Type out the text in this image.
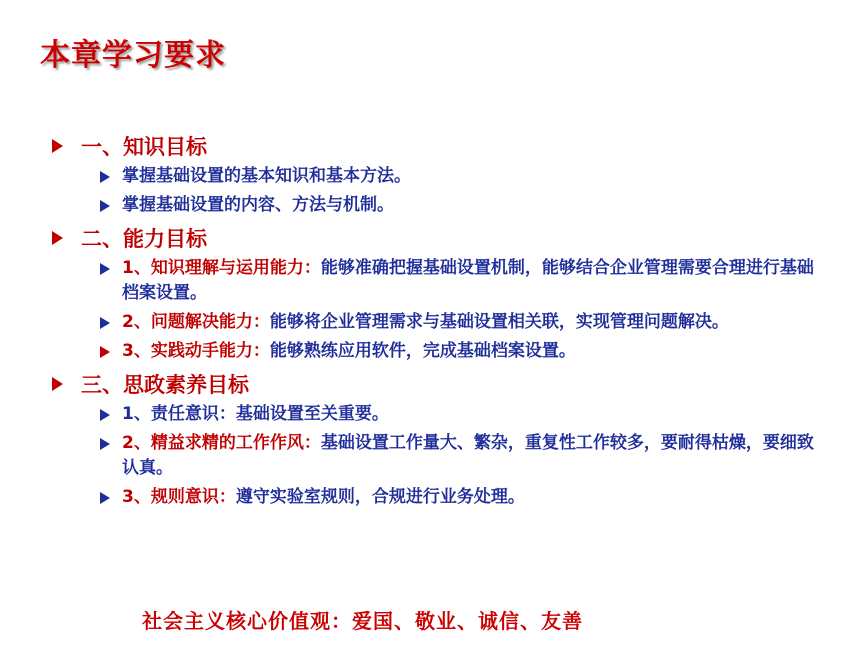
本章学习要求
一、知识目标
掌握基础设置的基本知识和基本方法。
掌握基础设置的内容、方法与机制。
二、能力目标
1、知识理解与运用能力：能够准确把握基础设置机制，能够结合企业管理需要合理进行基础档案设置。
2、问题解决能力：能够将企业管理需求与基础设置相关联，实现管理问题解决。
3、实践动手能力：能够熟练应用软件，完成基础档案设置。
三、思政素养目标
1、责任意识：基础设置至关重要。
2、精益求精的工作作风：基础设置工作量大、繁杂，重复性工作较多，要耐得枯燥，要细致认真。
3、规则意识：遵守实验室规则，合规进行业务处理。
社会主义核心价值观：爱国、敬业、诚信、友善
